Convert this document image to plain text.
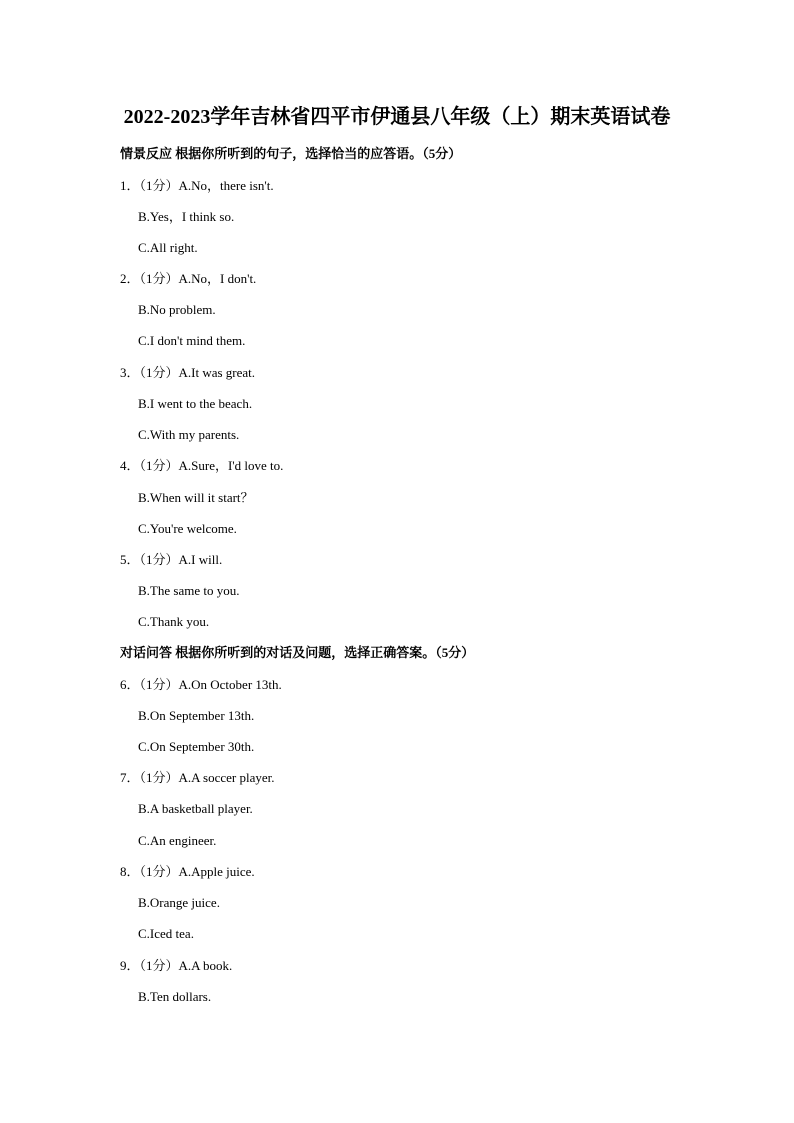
2022-2023学年吉林省四平市伊通县八年级（上）期末英语试卷
情景反应 根据你所听到的句子，选择恰当的应答语。（5分）
1．（1分）A.No，there isn't.
B.Yes，I think so.
C.All right.
2．（1分）A.No，I don't.
B.No problem.
C.I don't mind them.
3．（1分）A.It was great.
B.I went to the beach.
C.With my parents.
4．（1分）A.Sure，I'd love to.
B.When will it start？
C.You're welcome.
5．（1分）A.I will.
B.The same to you.
C.Thank you.
对话问答 根据你所听到的对话及问题，选择正确答案。（5分）
6．（1分）A.On October 13th.
B.On September 13th.
C.On September 30th.
7．（1分）A.A soccer player.
B.A basketball player.
C.An engineer.
8．（1分）A.Apple juice.
B.Orange juice.
C.Iced tea.
9．（1分）A.A book.
B.Ten dollars.
